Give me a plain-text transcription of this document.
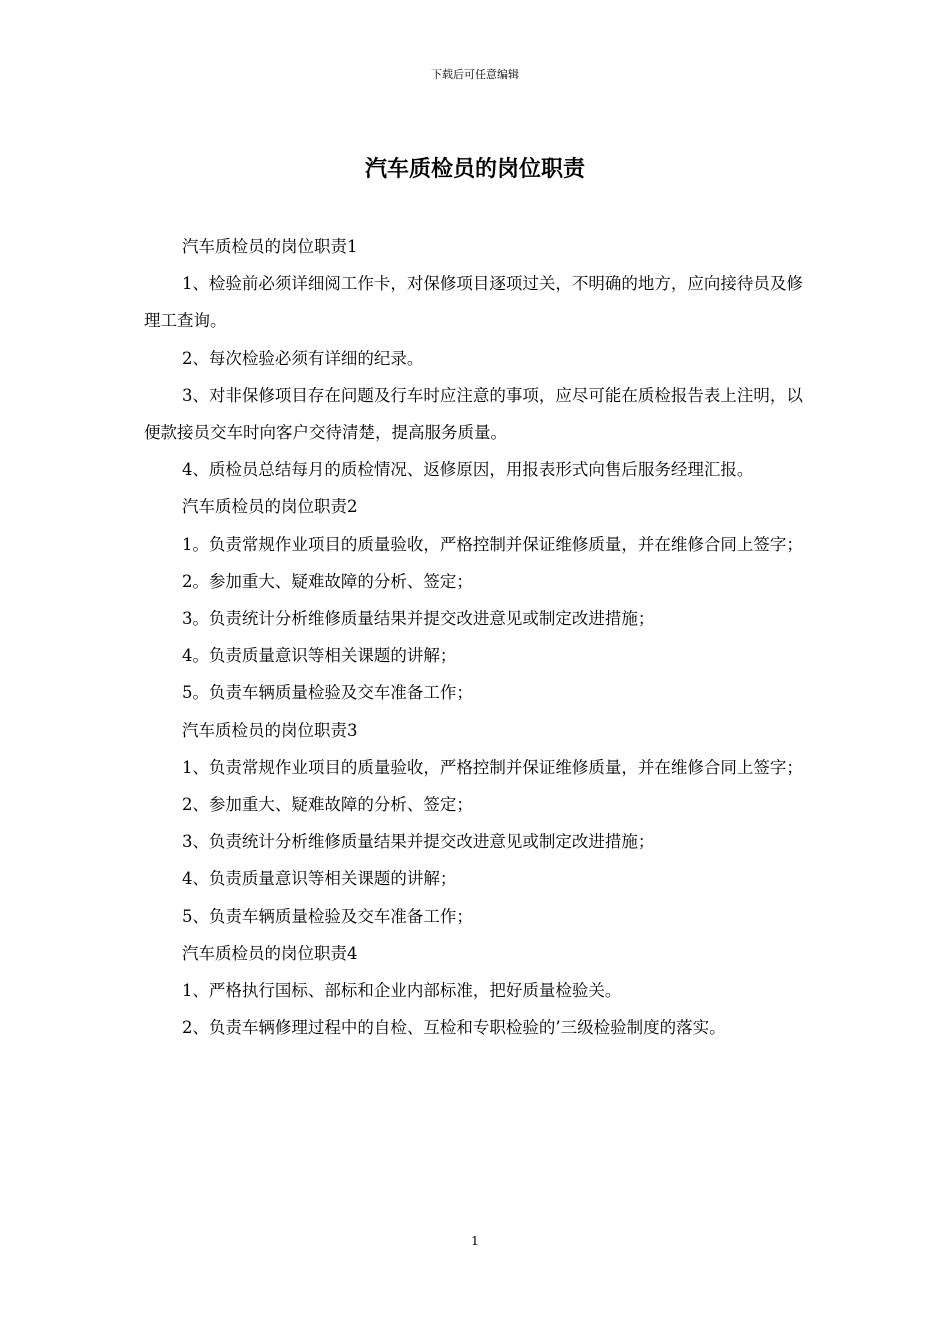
下载后可任意编辑
汽车质检员的岗位职责

汽车质检员的岗位职责1

1、检验前必须详细阅工作卡，对保修项目逐项过关，不明确的地方，应向接待员及修理工查询。

2、每次检验必须有详细的纪录。

3、对非保修项目存在问题及行车时应注意的事项，应尽可能在质检报告表上注明，以便款接员交车时向客户交待清楚，提高服务质量。

4、质检员总结每月的质检情况、返修原因，用报表形式向售后服务经理汇报。

汽车质检员的岗位职责2

1。负责常规作业项目的质量验收，严格控制并保证维修质量，并在维修合同上签字；

2。参加重大、疑难故障的分析、签定；

3。负责统计分析维修质量结果并提交改进意见或制定改进措施；

4。负责质量意识等相关课题的讲解；

5。负责车辆质量检验及交车准备工作；

汽车质检员的岗位职责3

1、负责常规作业项目的质量验收，严格控制并保证维修质量，并在维修合同上签字；

2、参加重大、疑难故障的分析、签定；

3、负责统计分析维修质量结果并提交改进意见或制定改进措施；

4、负责质量意识等相关课题的讲解；

5、负责车辆质量检验及交车准备工作；

汽车质检员的岗位职责4

1、严格执行国标、部标和企业内部标准，把好质量检验关。

2、负责车辆修理过程中的自检、互检和专职检验的’三级检验制度的落实。

1
